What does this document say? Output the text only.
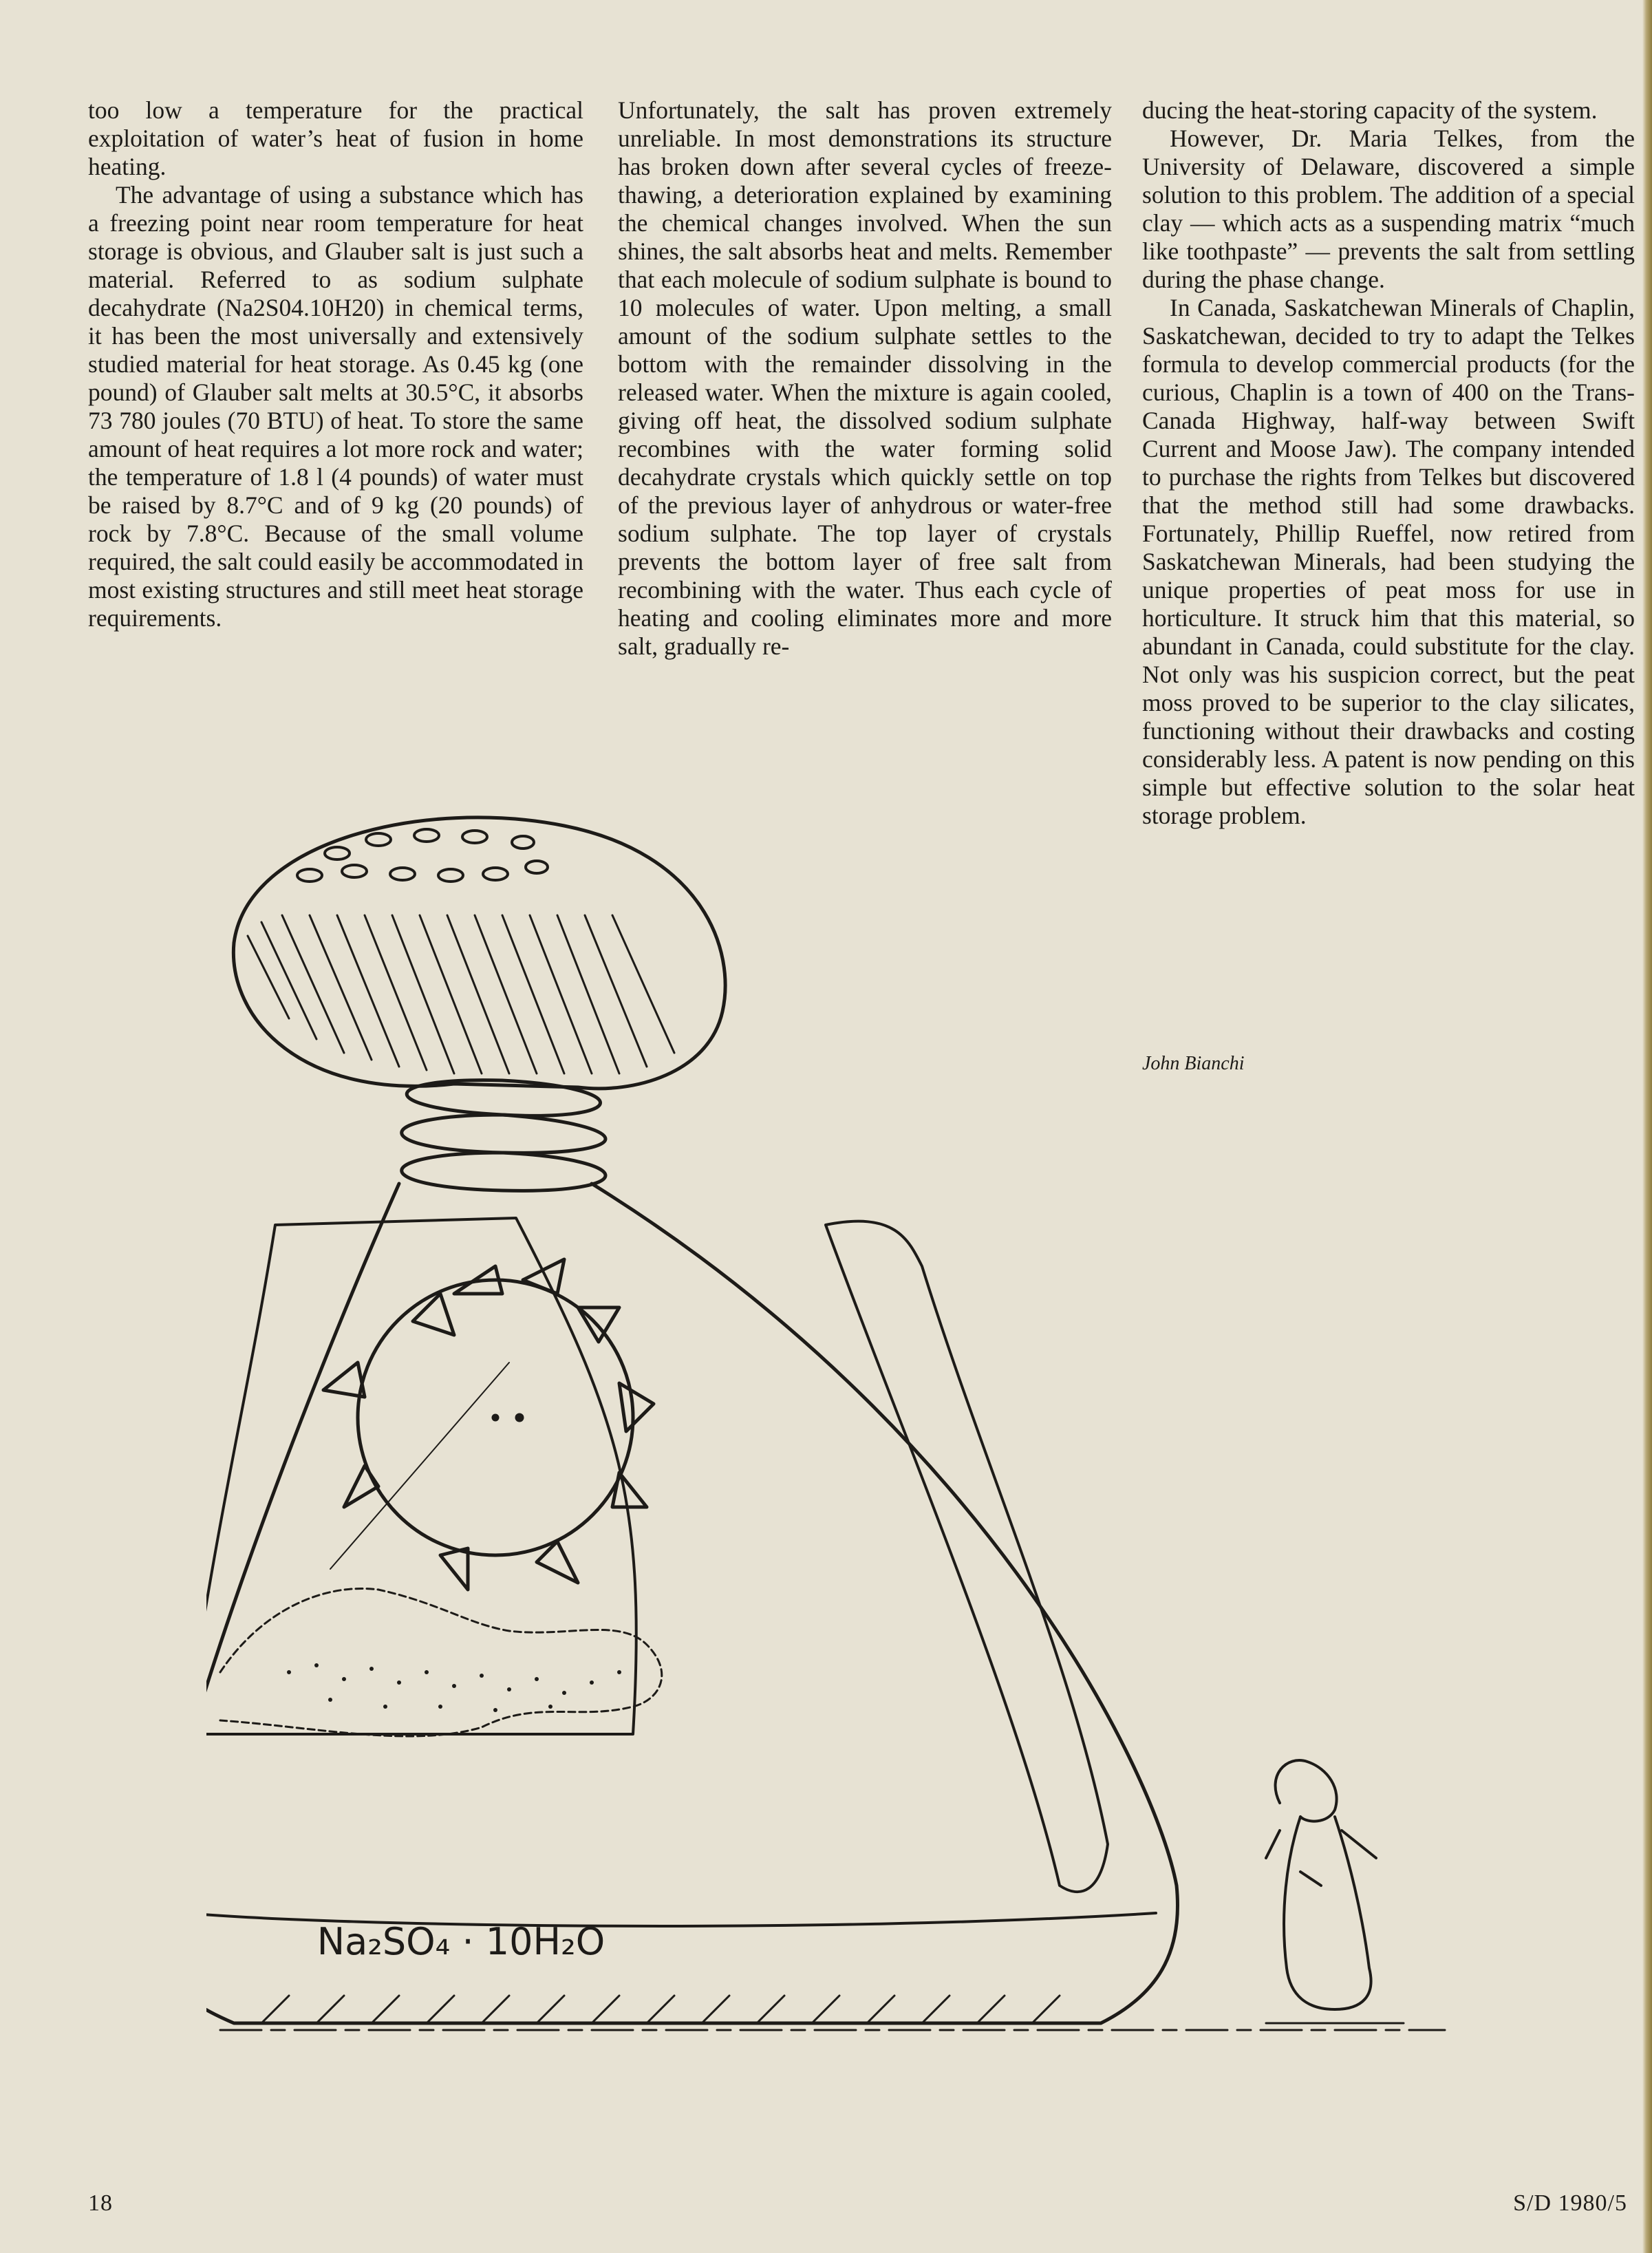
too low a temperature for the practical exploitation of water’s heat of fusion in home heating.

The advantage of using a substance which has a freezing point near room temperature for heat storage is obvious, and Glauber salt is just such a material. Referred to as sodium sulphate decahydrate (Na2S04.10H20) in chemical terms, it has been the most universally and extensively studied material for heat storage. As 0.45 kg (one pound) of Glauber salt melts at 30.5°C, it absorbs 73 780 joules (70 BTU) of heat. To store the same amount of heat requires a lot more rock and water; the temperature of 1.8 l (4 pounds) of water must be raised by 8.7°C and of 9 kg (20 pounds) of rock by 7.8°C. Because of the small volume required, the salt could easily be accommodated in most existing structures and still meet heat storage requirements.

Unfortunately, the salt has proven extremely unreliable. In most demonstrations its structure has broken down after several cycles of freeze-thawing, a deterioration explained by examining the chemical changes involved. When the sun shines, the salt absorbs heat and melts. Remember that each molecule of sodium sulphate is bound to 10 molecules of water. Upon melting, a small amount of the sodium sulphate settles to the bottom with the remainder dissolving in the released water. When the mixture is again cooled, giving off heat, the dissolved sodium sulphate recombines with the water forming solid decahydrate crystals which quickly settle on top of the previous layer of anhydrous or water-free sodium sulphate. The top layer of crystals prevents the bottom layer of free salt from recombining with the water. Thus each cycle of heating and cooling eliminates more and more salt, gradually re-

ducing the heat-storing capacity of the system.

However, Dr. Maria Telkes, from the University of Delaware, discovered a simple solution to this problem. The addition of a special clay — which acts as a suspending matrix “much like toothpaste” — prevents the salt from settling during the phase change.

In Canada, Saskatchewan Minerals of Chaplin, Saskatchewan, decided to try to adapt the Telkes formula to develop commercial products (for the curious, Chaplin is a town of 400 on the Trans-Canada Highway, half-way between Swift Current and Moose Jaw). The company intended to purchase the rights from Telkes but discovered that the method still had some drawbacks. Fortunately, Phillip Rueffel, now retired from Saskatchewan Minerals, had been studying the unique properties of peat moss for use in horticulture. It struck him that this material, so abundant in Canada, could substitute for the clay. Not only was his suspicion correct, but the peat moss proved to be superior to the clay silicates, functioning without their drawbacks and costing considerably less. A patent is now pending on this simple but effective solution to the solar heat storage problem.

John Bianchi
Na₂SO₄ · 10H₂O
18	S/D 1980/5
